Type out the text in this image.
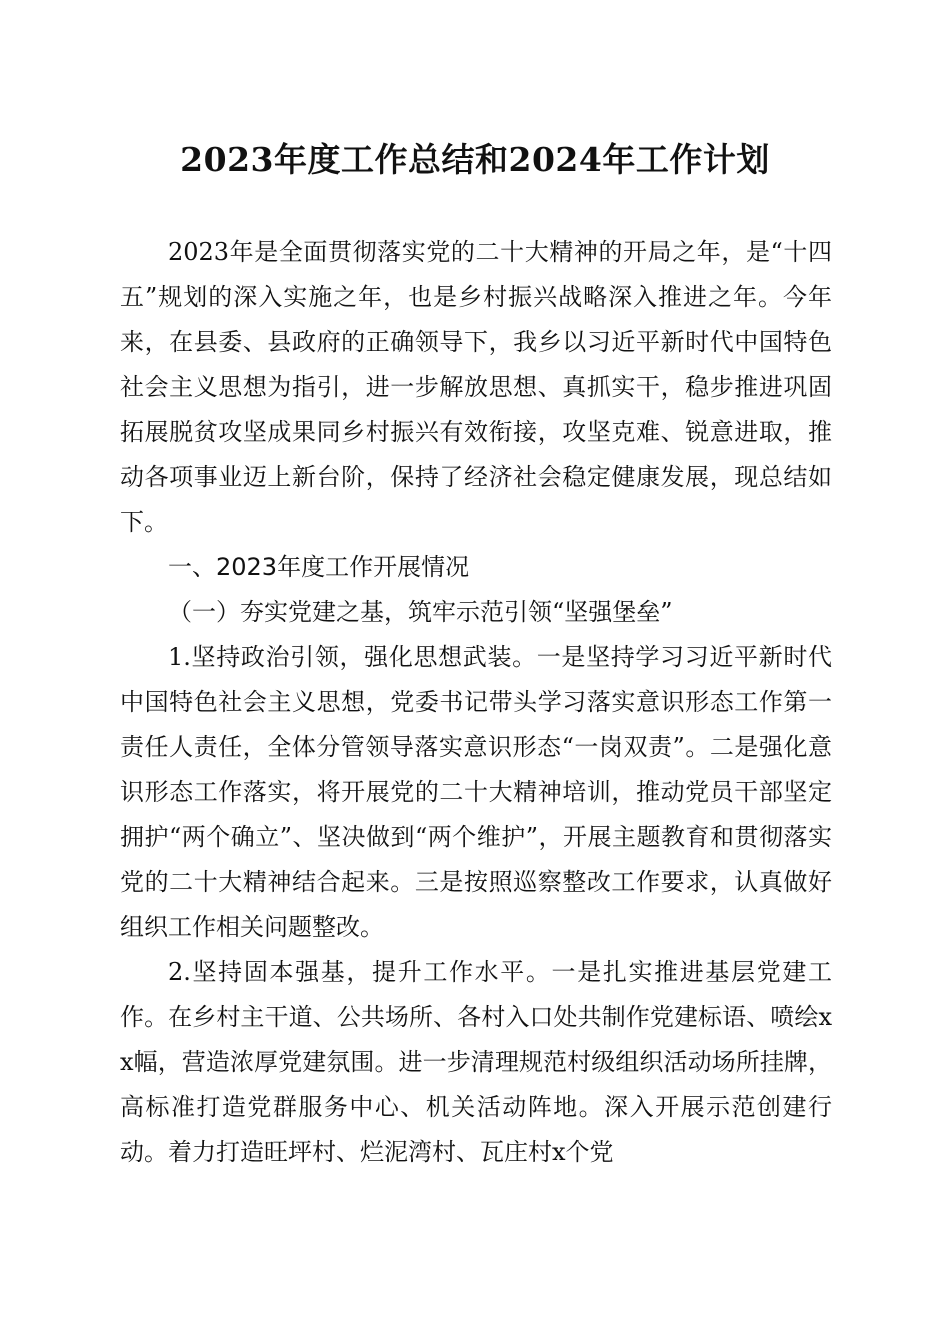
2023年度工作总结和2024年工作计划

2023年是全面贯彻落实党的二十大精神的开局之年，是“十四五”规划的深入实施之年，也是乡村振兴战略深入推进之年。今年来，在县委、县政府的正确领导下，我乡以习近平新时代中国特色社会主义思想为指引，进一步解放思想、真抓实干，稳步推进巩固拓展脱贫攻坚成果同乡村振兴有效衔接，攻坚克难、锐意进取，推动各项事业迈上新台阶，保持了经济社会稳定健康发展，现总结如下。

一、2023年度工作开展情况

（一）夯实党建之基，筑牢示范引领“坚强堡垒”

1.坚持政治引领，强化思想武装。一是坚持学习习近平新时代中国特色社会主义思想，党委书记带头学习落实意识形态工作第一责任人责任，全体分管领导落实意识形态“一岗双责”。二是强化意识形态工作落实，将开展党的二十大精神培训，推动党员干部坚定拥护“两个确立”、坚决做到“两个维护”，开展主题教育和贯彻落实党的二十大精神结合起来。三是按照巡察整改工作要求，认真做好组织工作相关问题整改。

2.坚持固本强基，提升工作水平。一是扎实推进基层党建工作。在乡村主干道、公共场所、各村入口处共制作党建标语、喷绘xx幅，营造浓厚党建氛围。进一步清理规范村级组织活动场所挂牌，高标准打造党群服务中心、机关活动阵地。深入开展示范创建行动。着力打造旺坪村、烂泥湾村、瓦庄村x个党
